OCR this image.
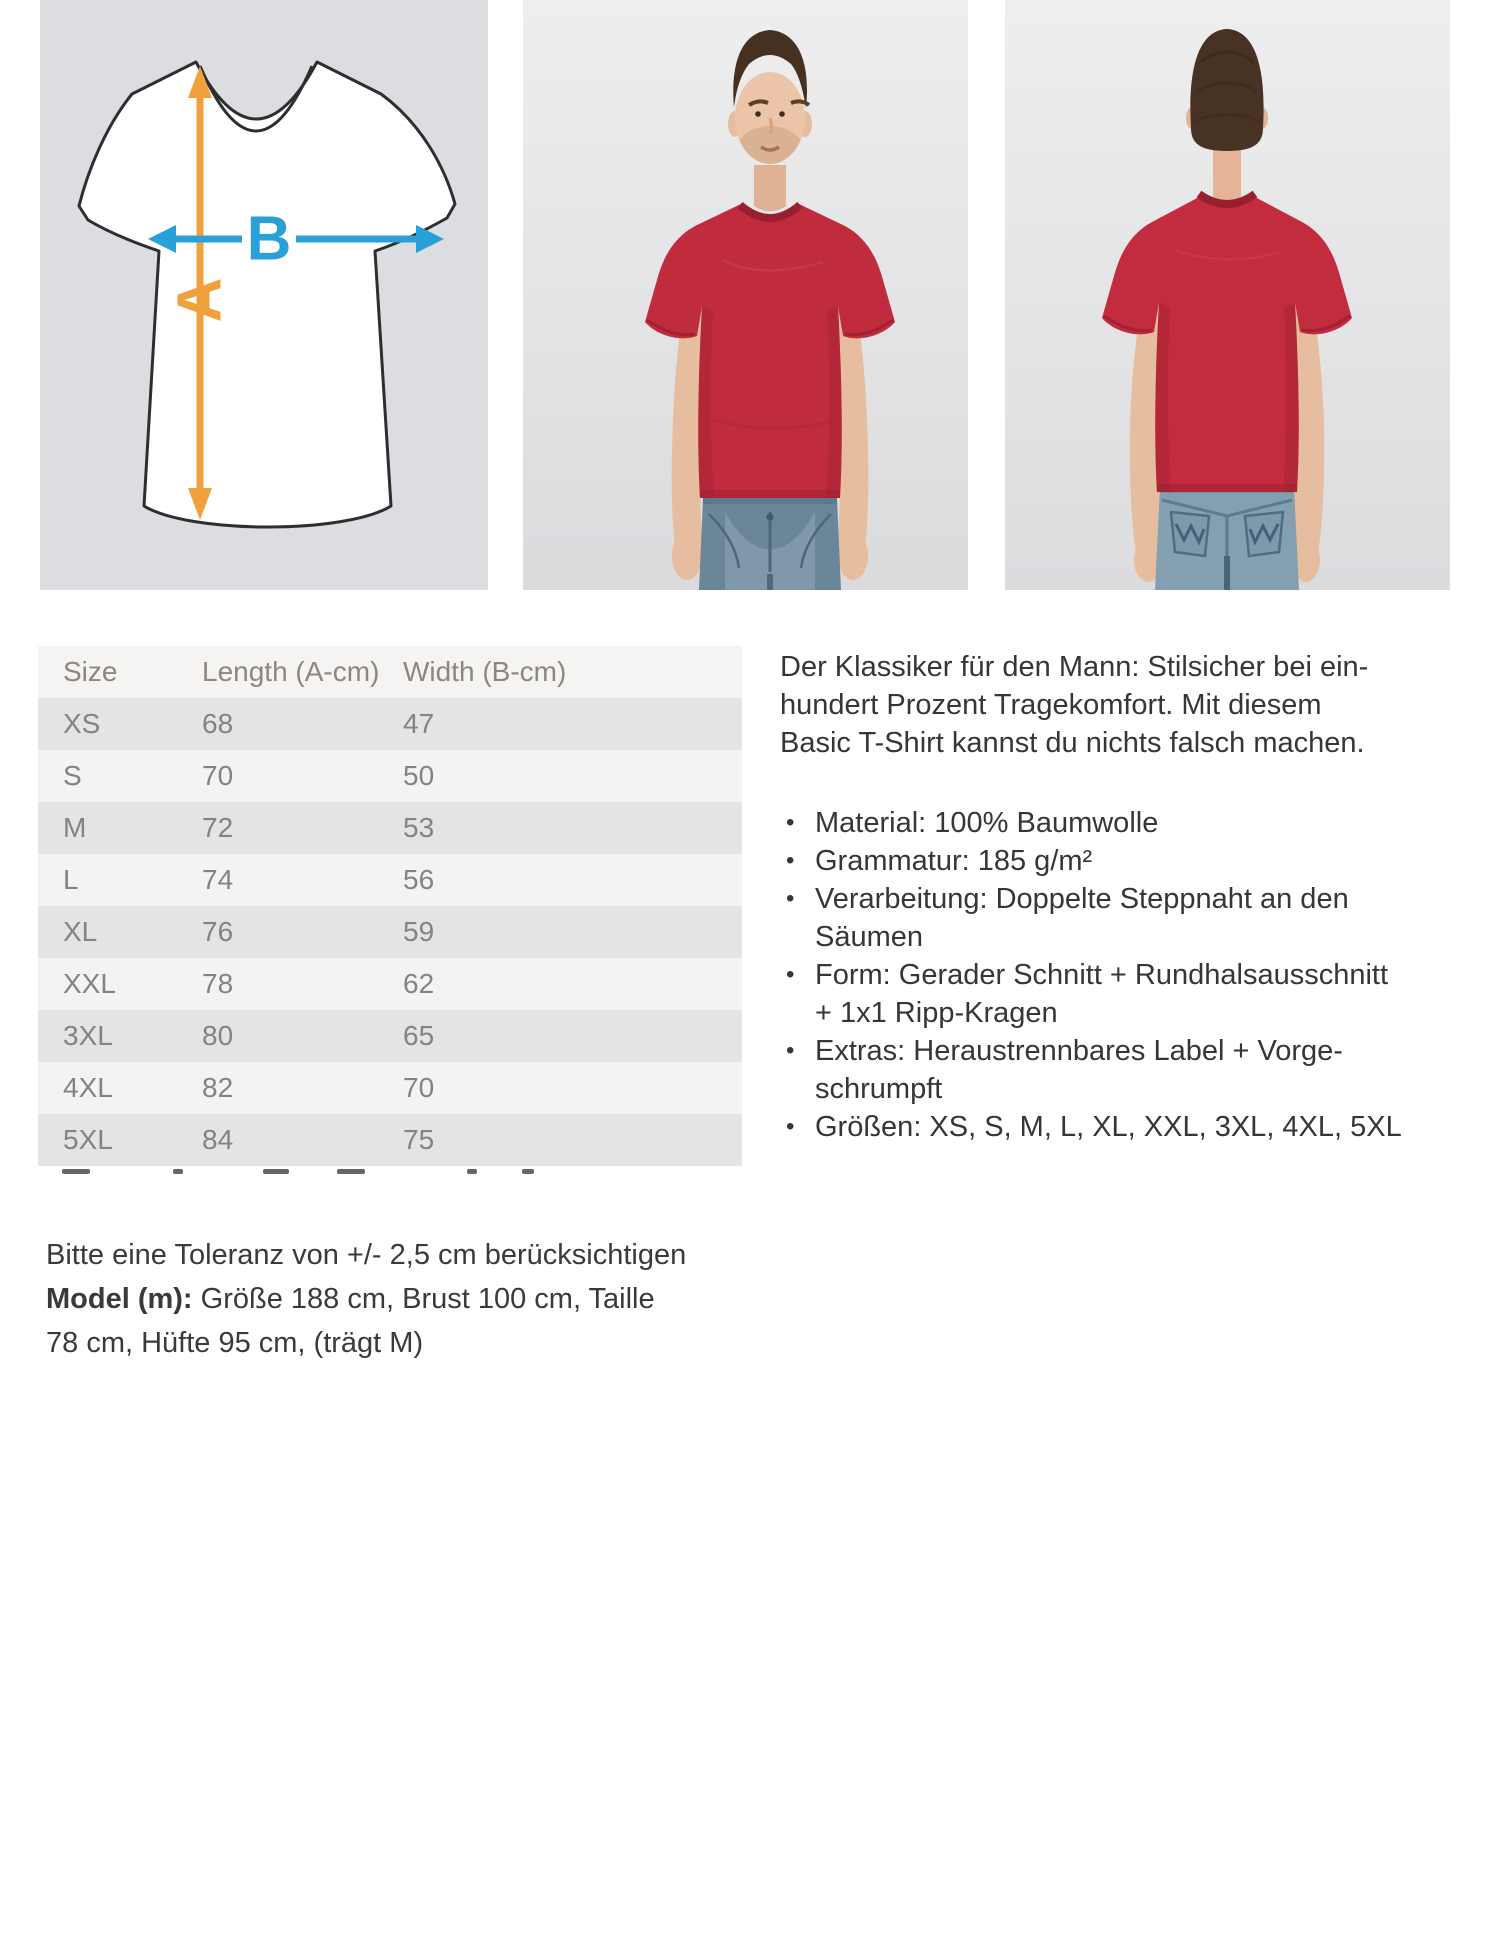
A
B
Size	Length (A-cm)	Width (B-cm)
XS	68	47
S	70	50
M	72	53
L	74	56
XL	76	59
XXL	78	62
3XL	80	65
4XL	82	70
5XL	84	75
Bitte eine Toleranz von +/- 2,5 cm berücksichtigen
Model (m): Größe 188 cm, Brust 100 cm, Taille
78 cm, Hüfte 95 cm, (trägt M)

Der Klassiker für den Mann: Stilsicher bei ein-
hundert Prozent Tragekomfort. Mit diesem
Basic T-Shirt kannst du nichts falsch machen.

• Material: 100% Baumwolle
• Grammatur: 185 g/m²
• Verarbeitung: Doppelte Steppnaht an den
Säumen
• Form: Gerader Schnitt + Rundhalsausschnitt
+ 1x1 Ripp-Kragen
• Extras: Heraustrennbares Label + Vorge-
schrumpft
• Größen: XS, S, M, L, XL, XXL, 3XL, 4XL, 5XL
